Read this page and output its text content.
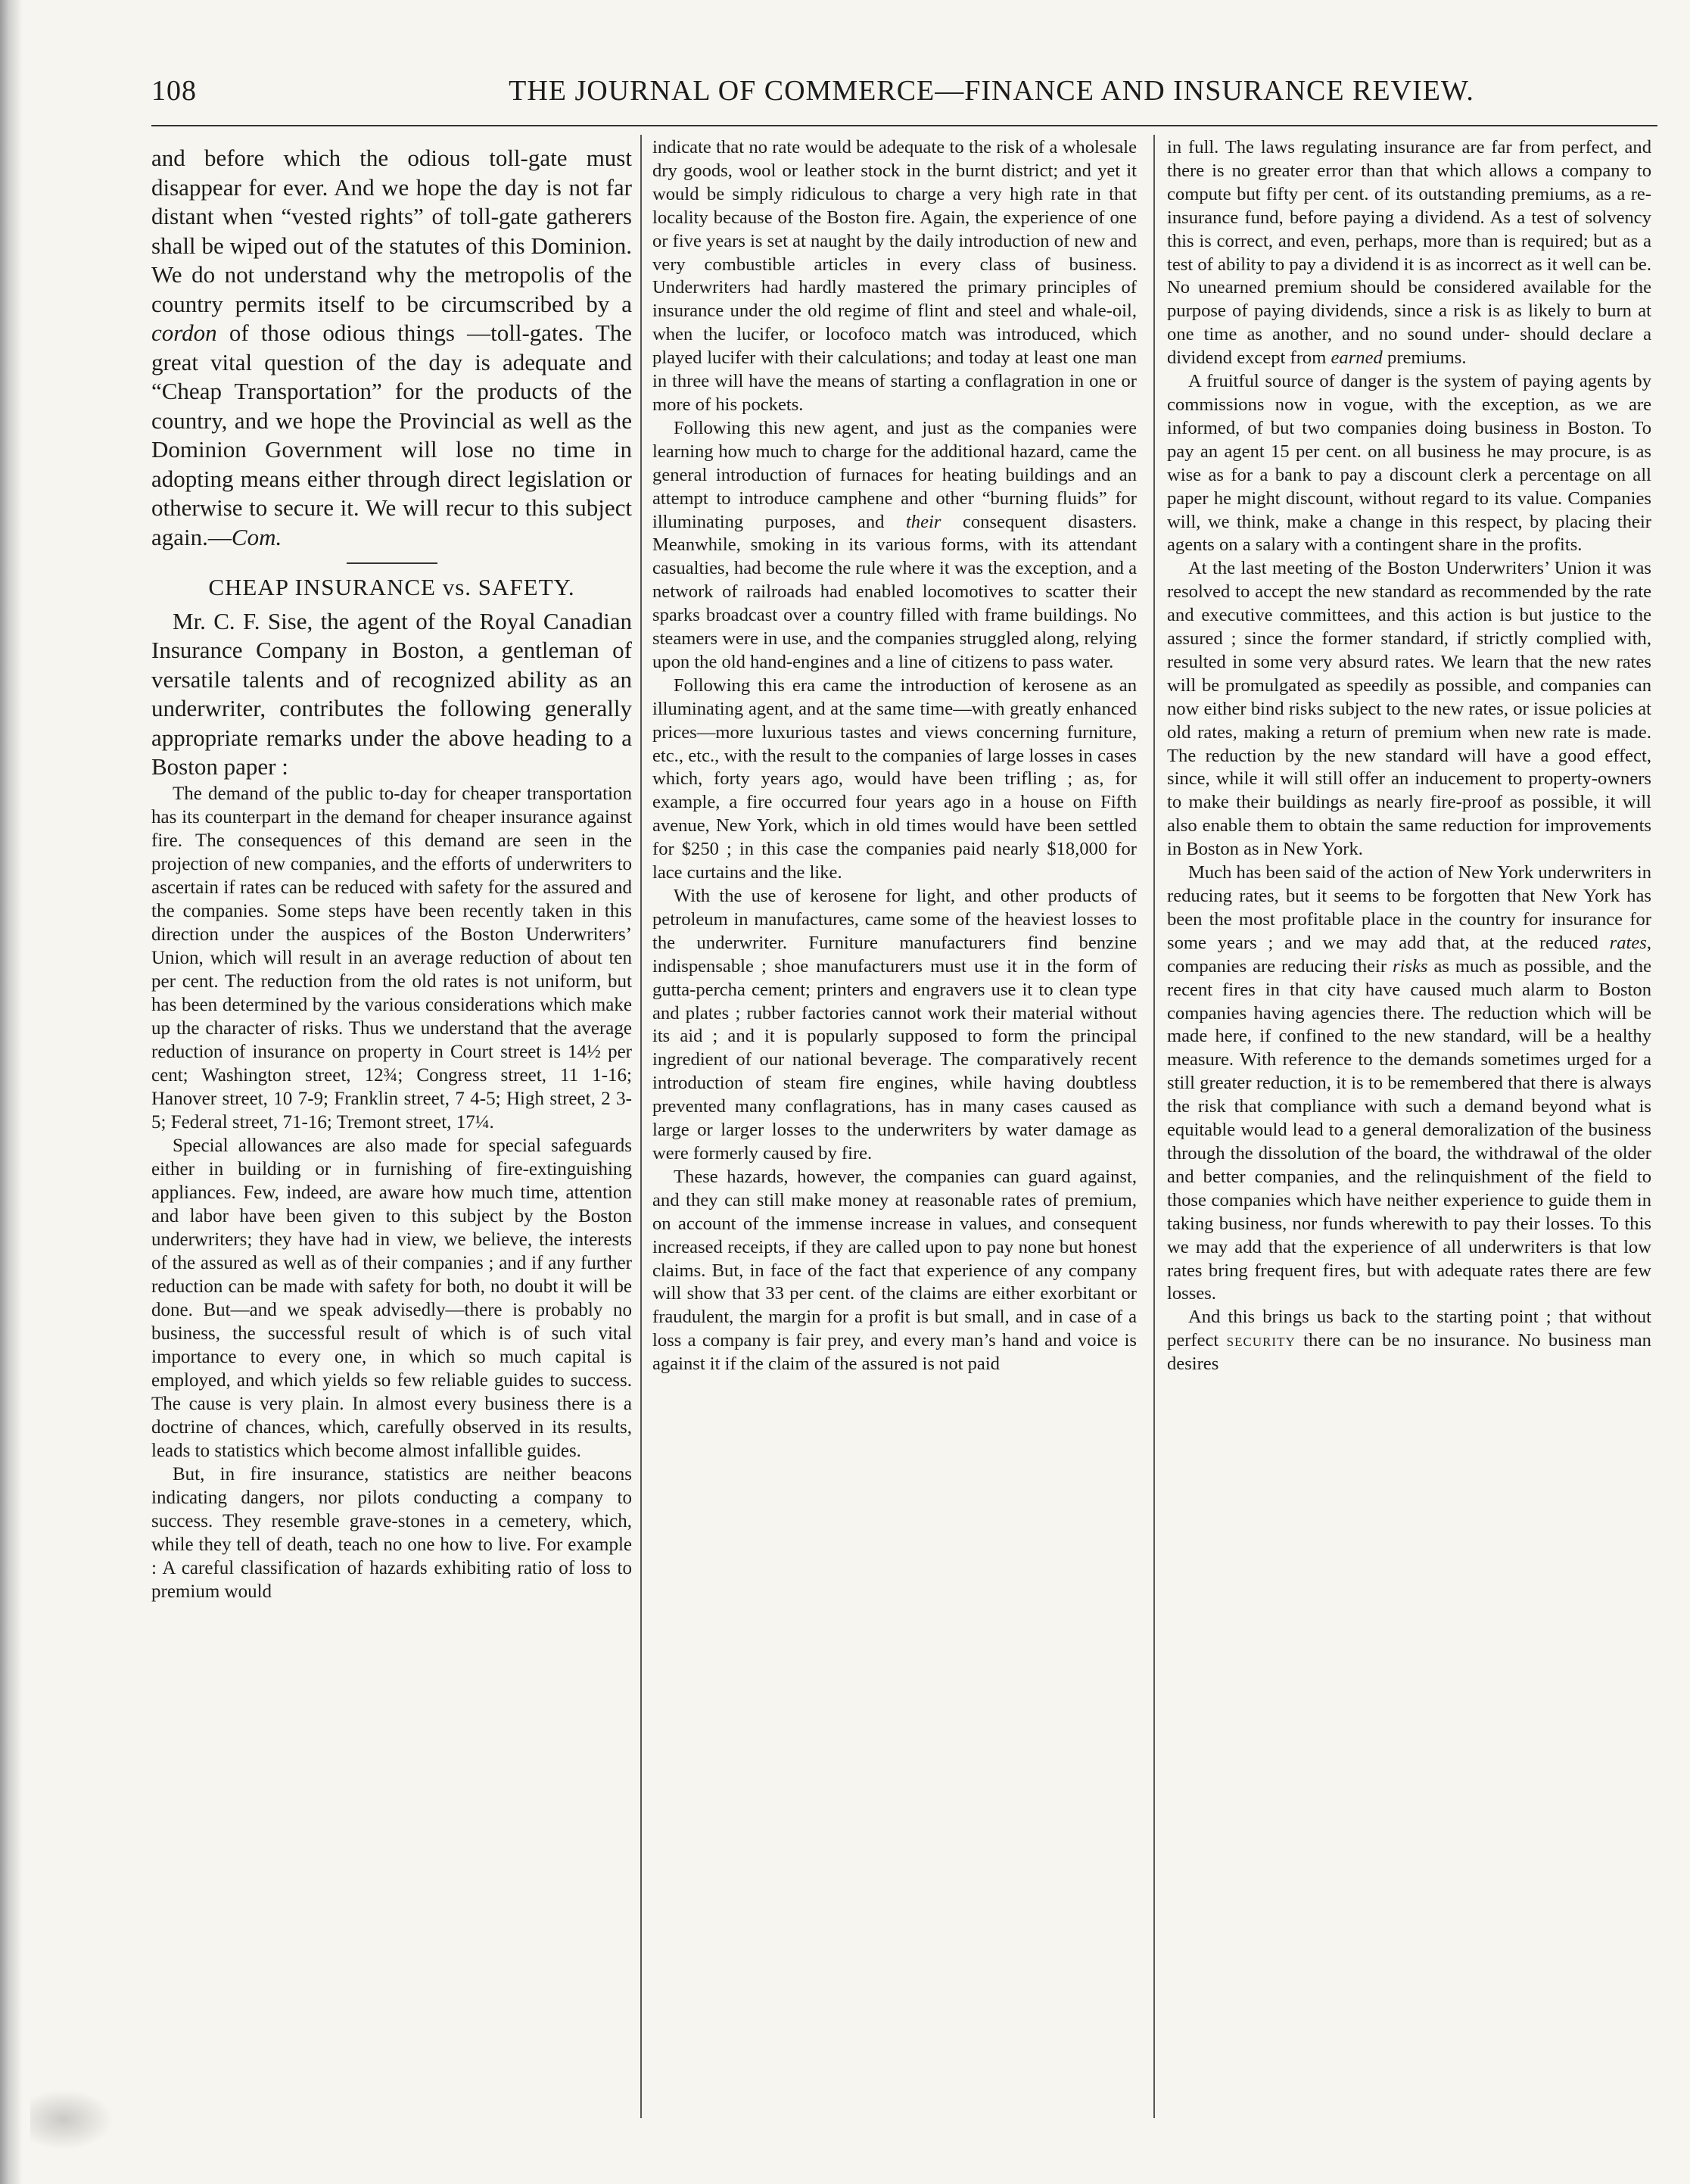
108	THE JOURNAL OF COMMERCE—FINANCE AND INSURANCE REVIEW.

and before which the odious toll-gate must disappear for ever. And we hope the day is not far distant when “vested rights” of toll-gate gatherers shall be wiped out of the statutes of this Dominion. We do not understand why the metropolis of the country permits itself to be circumscribed by a cordon of those odious things —toll-gates. The great vital question of the day is adequate and “Cheap Transportation” for the products of the country, and we hope the Provincial as well as the Dominion Government will lose no time in adopting means either through direct legislation or otherwise to secure it. We will recur to this subject again.—Com.

CHEAP INSURANCE vs. SAFETY.

Mr. C. F. Sise, the agent of the Royal Canadian Insurance Company in Boston, a gentleman of versatile talents and of recognized ability as an underwriter, contributes the following generally appropriate remarks under the above heading to a Boston paper :

The demand of the public to-day for cheaper transportation has its counterpart in the demand for cheaper insurance against fire. The consequences of this demand are seen in the projection of new companies, and the efforts of underwriters to ascertain if rates can be reduced with safety for the assured and the companies. Some steps have been recently taken in this direction under the auspices of the Boston Underwriters’ Union, which will result in an average reduction of about ten per cent. The reduction from the old rates is not uniform, but has been determined by the various considerations which make up the character of risks. Thus we understand that the average reduction of insurance on property in Court street is 14½ per cent; Washington street, 12¾; Congress street, 11 1-16; Hanover street, 10 7-9; Franklin street, 7 4-5; High street, 2 3-5; Federal street, 71-16; Tremont street, 17¼.

Special allowances are also made for special safeguards either in building or in furnishing of fire-extinguishing appliances. Few, indeed, are aware how much time, attention and labor have been given to this subject by the Boston underwriters; they have had in view, we believe, the interests of the assured as well as of their companies ; and if any further reduction can be made with safety for both, no doubt it will be done. But—and we speak advisedly—there is probably no business, the successful result of which is of such vital importance to every one, in which so much capital is employed, and which yields so few reliable guides to success. The cause is very plain. In almost every business there is a doctrine of chances, which, carefully observed in its results, leads to statistics which become almost infallible guides.

But, in fire insurance, statistics are neither beacons indicating dangers, nor pilots conducting a company to success. They resemble grave-stones in a cemetery, which, while they tell of death, teach no one how to live. For example : A careful classification of hazards exhibiting ratio of loss to premium would

indicate that no rate would be adequate to the risk of a wholesale dry goods, wool or leather stock in the burnt district; and yet it would be simply ridiculous to charge a very high rate in that locality because of the Boston fire. Again, the experience of one or five years is set at naught by the daily introduction of new and very combustible articles in every class of business. Underwriters had hardly mastered the primary principles of insurance under the old regime of flint and steel and whale-oil, when the lucifer, or locofoco match was introduced, which played lucifer with their calculations; and today at least one man in three will have the means of starting a conflagration in one or more of his pockets.

Following this new agent, and just as the companies were learning how much to charge for the additional hazard, came the general introduction of furnaces for heating buildings and an attempt to introduce camphene and other “burning fluids” for illuminating purposes, and their consequent disasters. Meanwhile, smoking in its various forms, with its attendant casualties, had become the rule where it was the exception, and a network of railroads had enabled locomotives to scatter their sparks broadcast over a country filled with frame buildings. No steamers were in use, and the companies struggled along, relying upon the old hand-engines and a line of citizens to pass water.

Following this era came the introduction of kerosene as an illuminating agent, and at the same time—with greatly enhanced prices—more luxurious tastes and views concerning furniture, etc., etc., with the result to the companies of large losses in cases which, forty years ago, would have been trifling ; as, for example, a fire occurred four years ago in a house on Fifth avenue, New York, which in old times would have been settled for $250 ; in this case the companies paid nearly $18,000 for lace curtains and the like.

With the use of kerosene for light, and other products of petroleum in manufactures, came some of the heaviest losses to the underwriter. Furniture manufacturers find benzine indispensable ; shoe manufacturers must use it in the form of gutta-percha cement; printers and engravers use it to clean type and plates ; rubber factories cannot work their material without its aid ; and it is popularly supposed to form the principal ingredient of our national beverage. The comparatively recent introduction of steam fire engines, while having doubtless prevented many conflagrations, has in many cases caused as large or larger losses to the underwriters by water damage as were formerly caused by fire.

These hazards, however, the companies can guard against, and they can still make money at reasonable rates of premium, on account of the immense increase in values, and consequent increased receipts, if they are called upon to pay none but honest claims. But, in face of the fact that experience of any company will show that 33 per cent. of the claims are either exorbitant or fraudulent, the margin for a profit is but small, and in case of a loss a company is fair prey, and every man’s hand and voice is against it if the claim of the assured is not paid

in full. The laws regulating insurance are far from perfect, and there is no greater error than that which allows a company to compute but fifty per cent. of its outstanding premiums, as a re-insurance fund, before paying a dividend. As a test of solvency this is correct, and even, perhaps, more than is required; but as a test of ability to pay a dividend it is as incorrect as it well can be. No unearned premium should be considered available for the purpose of paying dividends, since a risk is as likely to burn at one time as another, and no sound under- should declare a dividend except from earned premiums.

A fruitful source of danger is the system of paying agents by commissions now in vogue, with the exception, as we are informed, of but two companies doing business in Boston. To pay an agent 15 per cent. on all business he may procure, is as wise as for a bank to pay a discount clerk a percentage on all paper he might discount, without regard to its value. Companies will, we think, make a change in this respect, by placing their agents on a salary with a contingent share in the profits.

At the last meeting of the Boston Underwriters’ Union it was resolved to accept the new standard as recommended by the rate and executive committees, and this action is but justice to the assured ; since the former standard, if strictly complied with, resulted in some very absurd rates. We learn that the new rates will be promulgated as speedily as possible, and companies can now either bind risks subject to the new rates, or issue policies at old rates, making a return of premium when new rate is made. The reduction by the new standard will have a good effect, since, while it will still offer an inducement to property-owners to make their buildings as nearly fire-proof as possible, it will also enable them to obtain the same reduction for improvements in Boston as in New York.

Much has been said of the action of New York underwriters in reducing rates, but it seems to be forgotten that New York has been the most profitable place in the country for insurance for some years ; and we may add that, at the reduced rates, companies are reducing their risks as much as possible, and the recent fires in that city have caused much alarm to Boston companies having agencies there. The reduction which will be made here, if confined to the new standard, will be a healthy measure. With reference to the demands sometimes urged for a still greater reduction, it is to be remembered that there is always the risk that compliance with such a demand beyond what is equitable would lead to a general demoralization of the business through the dissolution of the board, the withdrawal of the older and better companies, and the relinquishment of the field to those companies which have neither experience to guide them in taking business, nor funds wherewith to pay their losses. To this we may add that the experience of all underwriters is that low rates bring frequent fires, but with adequate rates there are few losses.

And this brings us back to the starting point ; that without perfect security there can be no insurance. No business man desires
